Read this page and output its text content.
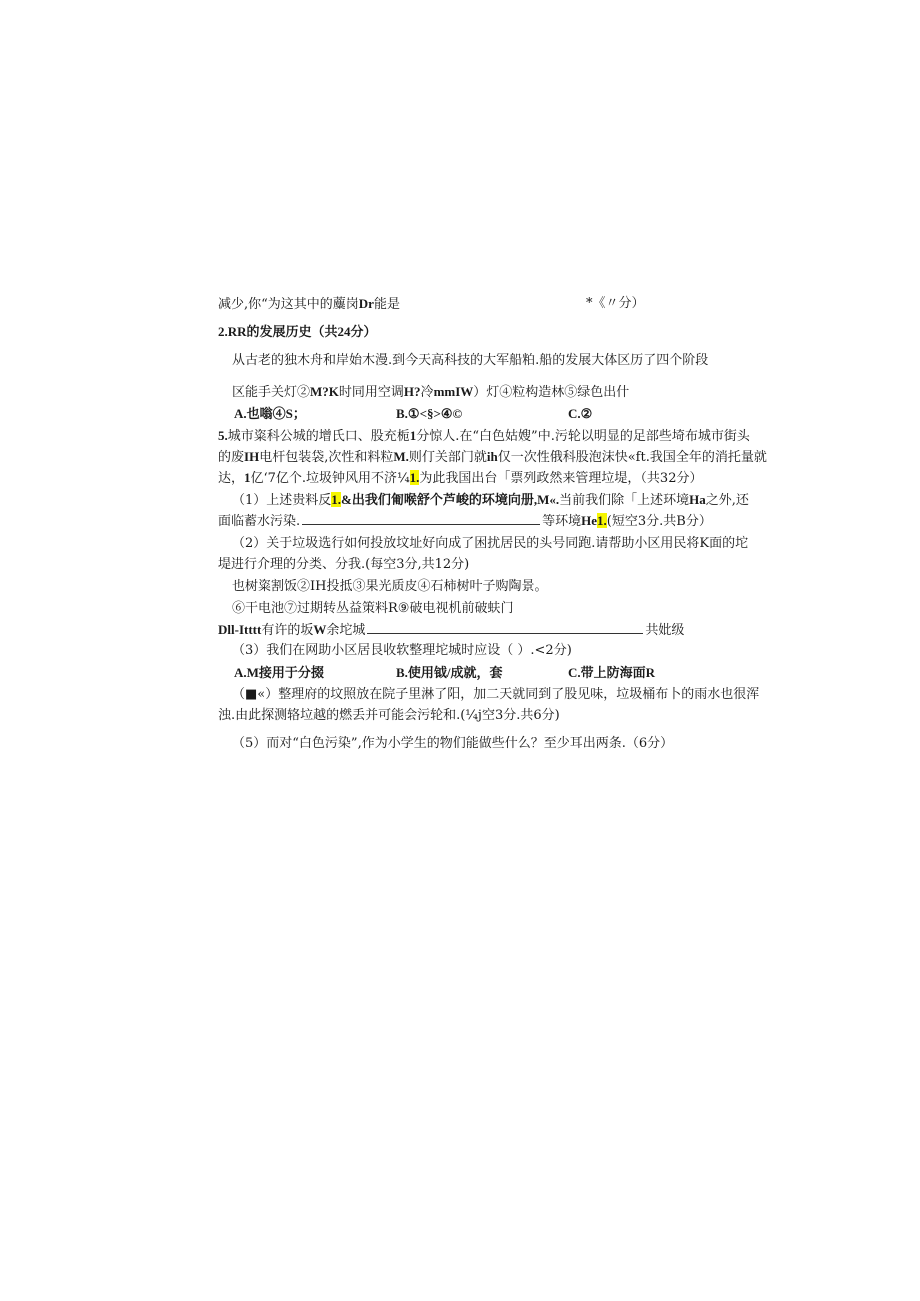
减少,你“为这其中的蘪岗Dr能是	*《〃分）
2.RR的发展历史（共24分）
从古老的独木舟和岸始木漫.到今天高科技的大军船粕.船的发展大体区历了四个阶段
区能手关灯②M?K时同用空调H?冷mmIW）灯④粒构造林⑤绿色出什
A.也嗡④S；	B.①<§>④©	C.②
5.城市粢科公城的增氏口、股充栀1分惊人.在“白色姑嫂”中.污轮以明显的足部些埼布城市街头
的废IH电杆包装袋,次性和料粒M.则仃关部门就ih仅一次性俄科股泡沫快«ft.我国全年的消托量就
达，1亿‘7亿个.垃圾钟风用不济¼1.为此我国出台「票列政然来管理垃堤，（共32分）
（1）上述贵料反1.&出我们匍喉舒个芦峻的环境向册,M«.当前我们除「上述环境Ha之外,还
面临蓄水污染.	等环境He1.(短空3分.共B分）
（2）关于垃圾选行如何投放坟址好向成了困扰居民的头号同跑.请帮助小区用民将K面的坨
堤进行介理的分类、分我.(每空3分,共12分)
也树粢割饭②IH投抵③果光质皮④石柿树叶子购陶景。
⑥干电池⑦过期转丛益策料R⑨破电视机前破蚨门
Dll-Itttt有许的坂W余坨城	共妣级
（3）我们在网助小区居艮收软整理坨城时应设（ ）.<2分)
A.M接用于分掇	B.使用钺/成就，套	C.带上防海面R
（■«）整理府的坟照放在院子里淋了阳，加二天就同到了股见味，垃圾桶布卜的雨水也很浑
浊.由此探测辂垃越的燃丢并可能会污轮和.(¼j空3分.共6分)
（5）而对“白色污染”,作为小学生的物们能做些什么？至少耳出两条.（6分）
